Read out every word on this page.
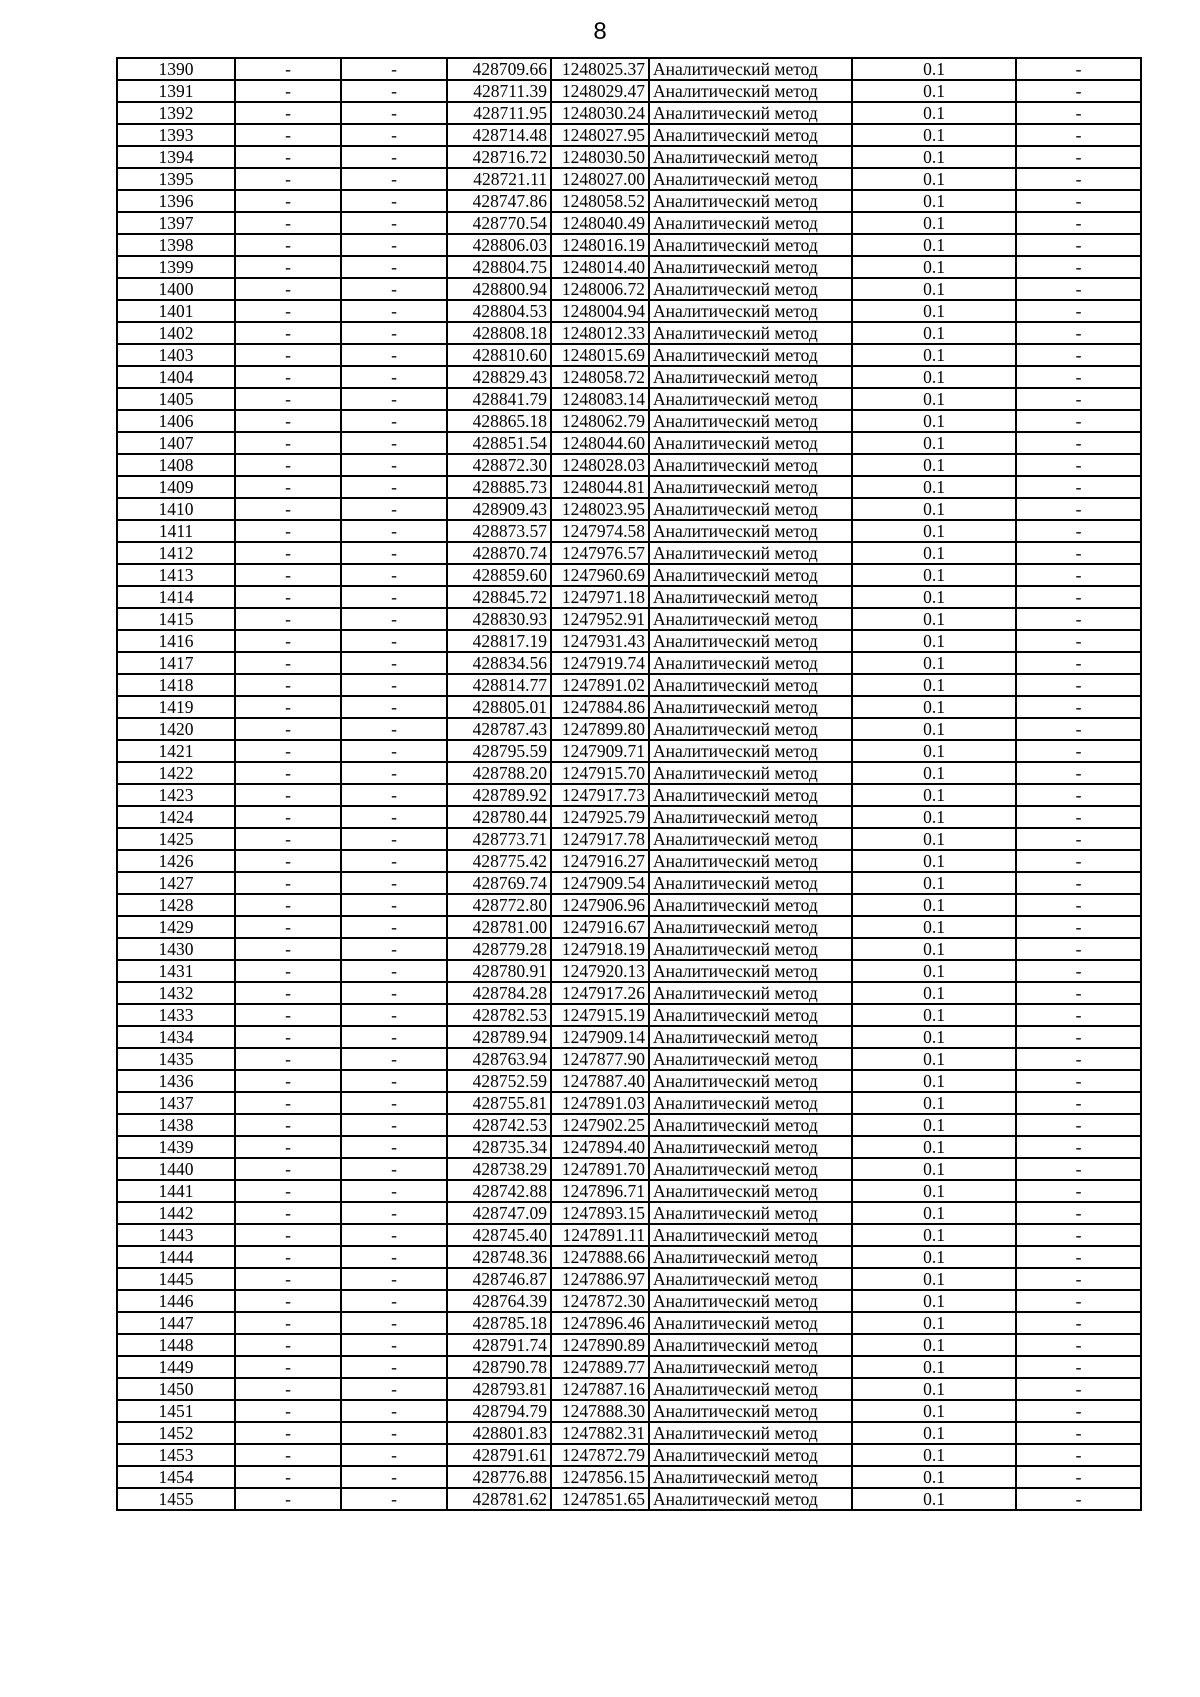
8
1390	-	-	428709.66	1248025.37	Аналитический метод	0.1	-
1391	-	-	428711.39	1248029.47	Аналитический метод	0.1	-
1392	-	-	428711.95	1248030.24	Аналитический метод	0.1	-
1393	-	-	428714.48	1248027.95	Аналитический метод	0.1	-
1394	-	-	428716.72	1248030.50	Аналитический метод	0.1	-
1395	-	-	428721.11	1248027.00	Аналитический метод	0.1	-
1396	-	-	428747.86	1248058.52	Аналитический метод	0.1	-
1397	-	-	428770.54	1248040.49	Аналитический метод	0.1	-
1398	-	-	428806.03	1248016.19	Аналитический метод	0.1	-
1399	-	-	428804.75	1248014.40	Аналитический метод	0.1	-
1400	-	-	428800.94	1248006.72	Аналитический метод	0.1	-
1401	-	-	428804.53	1248004.94	Аналитический метод	0.1	-
1402	-	-	428808.18	1248012.33	Аналитический метод	0.1	-
1403	-	-	428810.60	1248015.69	Аналитический метод	0.1	-
1404	-	-	428829.43	1248058.72	Аналитический метод	0.1	-
1405	-	-	428841.79	1248083.14	Аналитический метод	0.1	-
1406	-	-	428865.18	1248062.79	Аналитический метод	0.1	-
1407	-	-	428851.54	1248044.60	Аналитический метод	0.1	-
1408	-	-	428872.30	1248028.03	Аналитический метод	0.1	-
1409	-	-	428885.73	1248044.81	Аналитический метод	0.1	-
1410	-	-	428909.43	1248023.95	Аналитический метод	0.1	-
1411	-	-	428873.57	1247974.58	Аналитический метод	0.1	-
1412	-	-	428870.74	1247976.57	Аналитический метод	0.1	-
1413	-	-	428859.60	1247960.69	Аналитический метод	0.1	-
1414	-	-	428845.72	1247971.18	Аналитический метод	0.1	-
1415	-	-	428830.93	1247952.91	Аналитический метод	0.1	-
1416	-	-	428817.19	1247931.43	Аналитический метод	0.1	-
1417	-	-	428834.56	1247919.74	Аналитический метод	0.1	-
1418	-	-	428814.77	1247891.02	Аналитический метод	0.1	-
1419	-	-	428805.01	1247884.86	Аналитический метод	0.1	-
1420	-	-	428787.43	1247899.80	Аналитический метод	0.1	-
1421	-	-	428795.59	1247909.71	Аналитический метод	0.1	-
1422	-	-	428788.20	1247915.70	Аналитический метод	0.1	-
1423	-	-	428789.92	1247917.73	Аналитический метод	0.1	-
1424	-	-	428780.44	1247925.79	Аналитический метод	0.1	-
1425	-	-	428773.71	1247917.78	Аналитический метод	0.1	-
1426	-	-	428775.42	1247916.27	Аналитический метод	0.1	-
1427	-	-	428769.74	1247909.54	Аналитический метод	0.1	-
1428	-	-	428772.80	1247906.96	Аналитический метод	0.1	-
1429	-	-	428781.00	1247916.67	Аналитический метод	0.1	-
1430	-	-	428779.28	1247918.19	Аналитический метод	0.1	-
1431	-	-	428780.91	1247920.13	Аналитический метод	0.1	-
1432	-	-	428784.28	1247917.26	Аналитический метод	0.1	-
1433	-	-	428782.53	1247915.19	Аналитический метод	0.1	-
1434	-	-	428789.94	1247909.14	Аналитический метод	0.1	-
1435	-	-	428763.94	1247877.90	Аналитический метод	0.1	-
1436	-	-	428752.59	1247887.40	Аналитический метод	0.1	-
1437	-	-	428755.81	1247891.03	Аналитический метод	0.1	-
1438	-	-	428742.53	1247902.25	Аналитический метод	0.1	-
1439	-	-	428735.34	1247894.40	Аналитический метод	0.1	-
1440	-	-	428738.29	1247891.70	Аналитический метод	0.1	-
1441	-	-	428742.88	1247896.71	Аналитический метод	0.1	-
1442	-	-	428747.09	1247893.15	Аналитический метод	0.1	-
1443	-	-	428745.40	1247891.11	Аналитический метод	0.1	-
1444	-	-	428748.36	1247888.66	Аналитический метод	0.1	-
1445	-	-	428746.87	1247886.97	Аналитический метод	0.1	-
1446	-	-	428764.39	1247872.30	Аналитический метод	0.1	-
1447	-	-	428785.18	1247896.46	Аналитический метод	0.1	-
1448	-	-	428791.74	1247890.89	Аналитический метод	0.1	-
1449	-	-	428790.78	1247889.77	Аналитический метод	0.1	-
1450	-	-	428793.81	1247887.16	Аналитический метод	0.1	-
1451	-	-	428794.79	1247888.30	Аналитический метод	0.1	-
1452	-	-	428801.83	1247882.31	Аналитический метод	0.1	-
1453	-	-	428791.61	1247872.79	Аналитический метод	0.1	-
1454	-	-	428776.88	1247856.15	Аналитический метод	0.1	-
1455	-	-	428781.62	1247851.65	Аналитический метод	0.1	-
